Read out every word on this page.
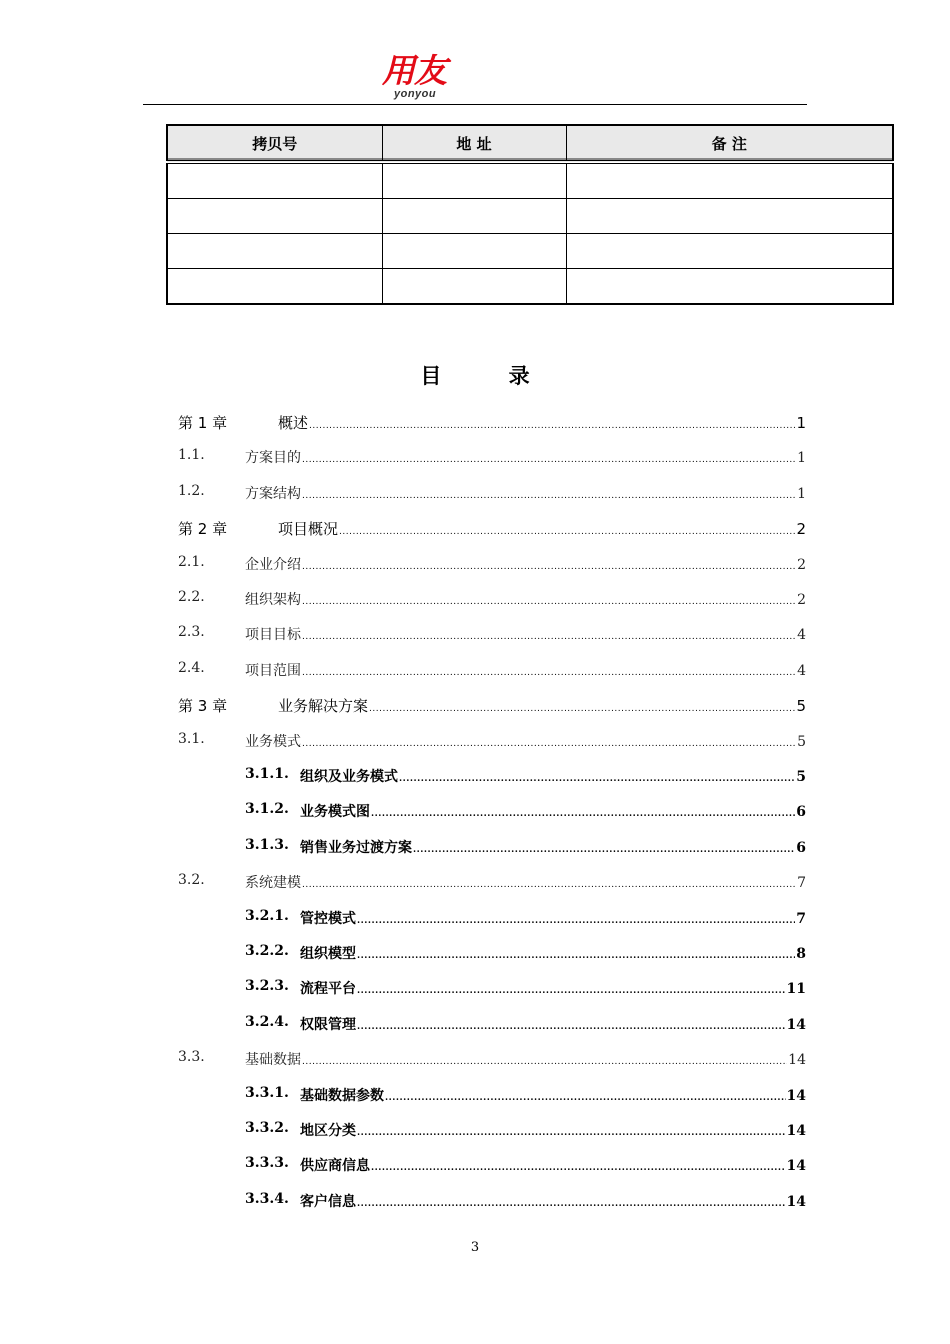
用友
yonyou
拷贝号	地 址	备 注

目 录
第 1 章	概述 .....	1
1.1.	方案目的 .....	1
1.2.	方案结构 .....	1
第 2 章	项目概况 .....	2
2.1.	企业介绍 .....	2
2.2.	组织架构 .....	2
2.3.	项目目标 .....	4
2.4.	项目范围 .....	4
第 3 章	业务解决方案 .....	5
3.1.	业务模式 .....	5
3.1.1. 组织及业务模式 .....	5
3.1.2. 业务模式图 .....	6
3.1.3. 销售业务过渡方案 .....	6
3.2.	系统建模 .....	7
3.2.1. 管控模式 .....	7
3.2.2. 组织模型 .....	8
3.2.3. 流程平台 .....	11
3.2.4. 权限管理 .....	14
3.3.	基础数据 .....	14
3.3.1. 基础数据参数 .....	14
3.3.2. 地区分类 .....	14
3.3.3. 供应商信息 .....	14
3.3.4. 客户信息 .....	14
3
